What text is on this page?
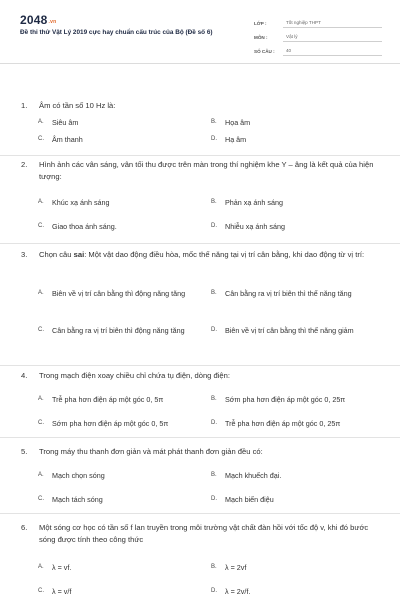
2048.vn
Đề thi thử Vật Lý 2019 cực hay chuẩn cấu trúc của Bộ (Đề số 6)
LỚP :	Tốt nghiệp THPT
MÔN :	Vật lý
SỐ CÂU :	40
1.	Âm có tần số 10 Hz là:
A.	Siêu âm	B.	Họa âm
C.	Âm thanh	D.	Hạ âm
2.	Hình ảnh các vân sáng, vân tối thu được trên màn trong thí nghiệm khe Y – âng là kết quả của hiện tượng:
A.	Khúc xạ ánh sáng	B.	Phản xạ ánh sáng
C.	Giao thoa ánh sáng.	D.	Nhiễu xạ ánh sáng
3.	Chọn câu sai: Một vật dao động điều hòa, mốc thế năng tại vị trí cân bằng, khi dao động từ vị trí:
A.	Biên về vị trí cân bằng thì động năng tăng	B.	Cân bằng ra vị trí biên thì thế năng tăng
C.	Cân bằng ra vị trí biên thì động năng tăng	D.	Biên về vị trí cân bằng thì thế năng giảm
4.	Trong mạch điện xoay chiều chỉ chứa tụ điện, dòng điện:
A.	Trễ pha hơn điện áp một góc 0, 5π	B.	Sớm pha hơn điện áp một góc 0, 25π
C.	Sớm pha hơn điện áp một góc 0, 5π	D.	Trễ pha hơn điện áp một góc 0, 25π
5.	Trong máy thu thanh đơn giản và mát phát thanh đơn giản đều có:
A.	Mạch chọn sóng	B.	Mạch khuếch đại.
C.	Mạch tách sóng	D.	Mạch biến điệu
6.	Một sóng cơ học có tần số f lan truyền trong môi trường vật chất đàn hồi với tốc độ v, khi đó bước sóng được tính theo công thức
A.	λ = vf.	B.	λ = 2vf
C.	λ = v/f	D.	λ = 2v/f.
